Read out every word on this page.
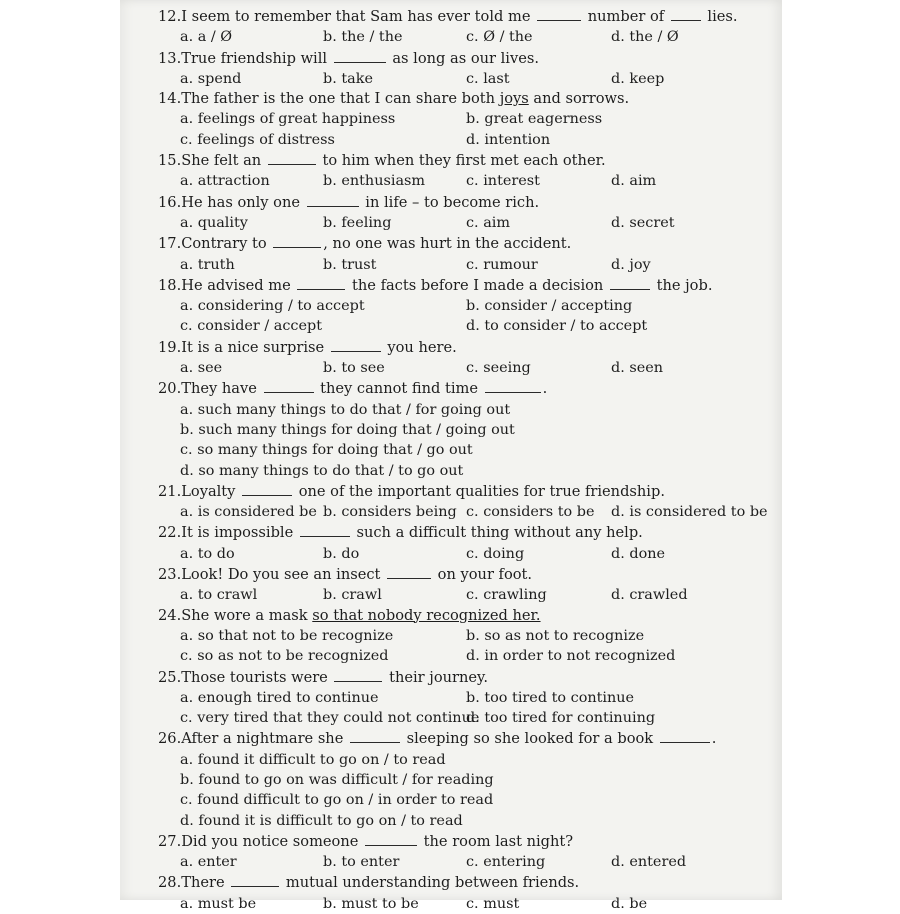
12.I seem to remember that Sam has ever told me	number of  lies.
a. a / Ø	b. the / the	c. Ø / the	d. the / Ø
13.True friendship will	as long as our lives.
a. spend	b. take	c. last	d. keep
14.The father is the one that I can share both joys and sorrows.
a. feelings of great happiness	b. great eagerness
c. feelings of distress	d. intention
15.She felt an	to him when they first met each other.
a. attraction	b. enthusiasm	c. interest	d. aim
16.He has only one	in life – to become rich.
a. quality	b. feeling	c. aim	d. secret
17.Contrary to	, no one was hurt in the accident.
a. truth	b. trust	c. rumour	d. joy
18.He advised me	the facts before I made a decision	the job.
a. considering / to accept	b. consider / accepting
c. consider / accept	d. to consider / to accept
19.It is a nice surprise	you here.
a. see	b. to see	c. seeing	d. seen
20.They have	they cannot find time	.
a. such many things to do that / for going out
b. such many things for doing that / going out
c. so many things for doing that / go out
d. so many things to do that / to go out
21.Loyalty	one of the important qualities for true friendship.
a. is considered be b. considers being c. considers to be	d. is considered to be
22.It is impossible	such a difficult thing without any help.
a. to do	b. do	c. doing	d. done
23.Look! Do you see an insect	on your foot.
a. to crawl	b. crawl	c. crawling	d. crawled
24.She wore a mask so that nobody recognized her.
a. so that not to be recognize	b. so as not to recognize
c. so as not to be recognized	d. in order to not recognized
25.Those tourists were	their journey.
a. enough tired to continue	b. too tired to continue
c. very tired that they could not continue
d. too tired for continuing
26.After a nightmare she	sleeping so she looked for a book	.
a. found it difficult to go on / to read
b. found to go on was difficult / for reading
c. found difficult to go on / in order to read
d. found it is difficult to go on / to read
27.Did you notice someone	the room last night?
a. enter	b. to enter	c. entering	d. entered
28.There	mutual understanding between friends.
a. must be	b. must to be	c. must	d. be
